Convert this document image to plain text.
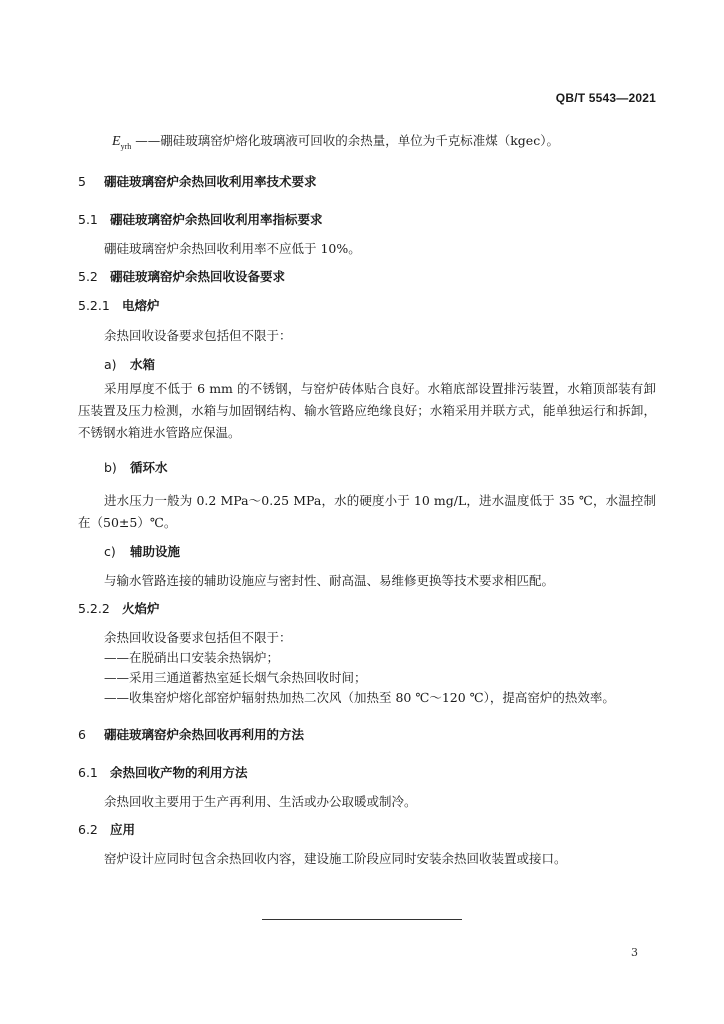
QB/T 5543—2021
$E_{yrh}$ ——硼硅玻璃窑炉熔化玻璃液可回收的余热量，单位为千克标准煤（kgec）。
5 硼硅玻璃窑炉余热回收利用率技术要求
5.1 硼硅玻璃窑炉余热回收利用率指标要求
硼硅玻璃窑炉余热回收利用率不应低于 10%。
5.2 硼硅玻璃窑炉余热回收设备要求
5.2.1 电熔炉
余热回收设备要求包括但不限于：
a) 水箱
采用厚度不低于 6 mm 的不锈钢，与窑炉砖体贴合良好。水箱底部设置排污装置，水箱顶部装有卸压装置及压力检测，水箱与加固钢结构、输水管路应绝缘良好；水箱采用并联方式，能单独运行和拆卸，不锈钢水箱进水管路应保温。
b) 循环水
进水压力一般为 0.2 MPa～0.25 MPa，水的硬度小于 10 mg/L，进水温度低于 35 ℃，水温控制在（50±5）℃。
c) 辅助设施
与输水管路连接的辅助设施应与密封性、耐高温、易维修更换等技术要求相匹配。
5.2.2 火焰炉
余热回收设备要求包括但不限于：
——在脱硝出口安装余热锅炉；
——采用三通道蓄热室延长烟气余热回收时间；
——收集窑炉熔化部窑炉辐射热加热二次风（加热至 80 ℃～120 ℃），提高窑炉的热效率。
6 硼硅玻璃窑炉余热回收再利用的方法
6.1 余热回收产物的利用方法
余热回收主要用于生产再利用、生活或办公取暖或制冷。
6.2 应用
窑炉设计应同时包含余热回收内容，建设施工阶段应同时安装余热回收装置或接口。
3
